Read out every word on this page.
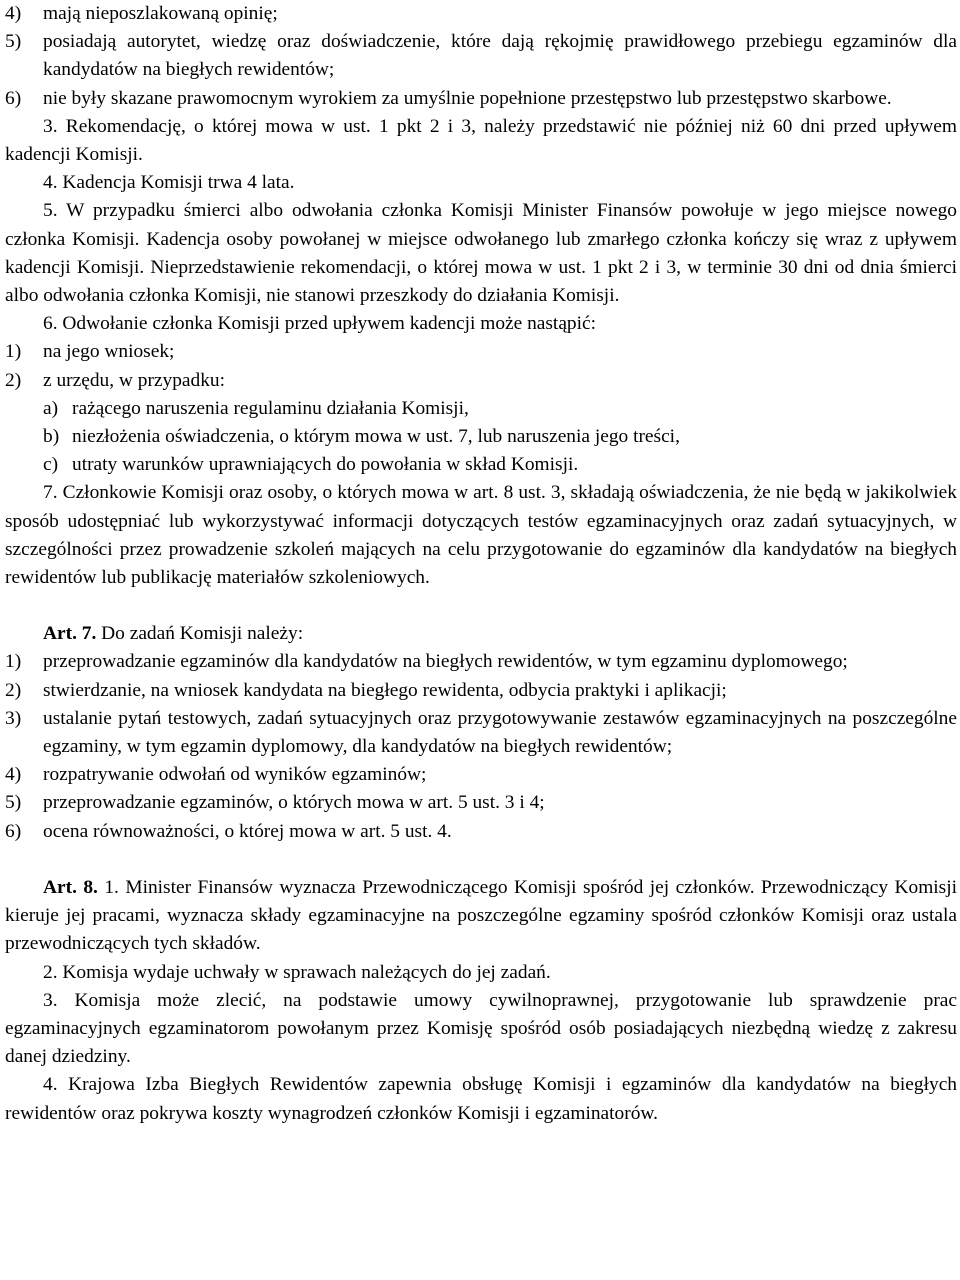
4)	mają nieposzlakowaną opinię;
5)	posiadają autorytet, wiedzę oraz doświadczenie, które dają rękojmię prawidłowego przebiegu egzaminów dla kandydatów na biegłych rewidentów;
6)	nie były skazane prawomocnym wyrokiem za umyślnie popełnione przestępstwo lub przestępstwo skarbowe.

3. Rekomendację, o której mowa w ust. 1 pkt 2 i 3, należy przedstawić nie później niż 60 dni przed upływem kadencji Komisji.

4. Kadencja Komisji trwa 4 lata.

5. W przypadku śmierci albo odwołania członka Komisji Minister Finansów powołuje w jego miejsce nowego członka Komisji. Kadencja osoby powołanej w miejsce odwołanego lub zmarłego członka kończy się wraz z upływem kadencji Komisji. Nieprzedstawienie rekomendacji, o której mowa w ust. 1 pkt 2 i 3, w terminie 30 dni od dnia śmierci albo odwołania członka Komisji, nie stanowi przeszkody do działania Komisji.

6. Odwołanie członka Komisji przed upływem kadencji może nastąpić:

1)	na jego wniosek;
2)	z urzędu, w przypadku:
a) rażącego naruszenia regulaminu działania Komisji,
b) niezłożenia oświadczenia, o którym mowa w ust. 7, lub naruszenia jego treści,
c) utraty warunków uprawniających do powołania w skład Komisji.

7. Członkowie Komisji oraz osoby, o których mowa w art. 8 ust. 3, składają oświadczenia, że nie będą w jakikolwiek sposób udostępniać lub wykorzystywać informacji dotyczących testów egzaminacyjnych oraz zadań sytuacyjnych, w szczególności przez prowadzenie szkoleń mających na celu przygotowanie do egzaminów dla kandydatów na biegłych rewidentów lub publikację materiałów szkoleniowych.

Art. 7. Do zadań Komisji należy:

1)	przeprowadzanie egzaminów dla kandydatów na biegłych rewidentów, w tym egzaminu dyplomowego;
2)	stwierdzanie, na wniosek kandydata na biegłego rewidenta, odbycia praktyki i aplikacji;
3)	ustalanie pytań testowych, zadań sytuacyjnych oraz przygotowywanie zestawów egzaminacyjnych na poszczególne egzaminy, w tym egzamin dyplomowy, dla kandydatów na biegłych rewidentów;
4)	rozpatrywanie odwołań od wyników egzaminów;
5)	przeprowadzanie egzaminów, o których mowa w art. 5 ust. 3 i 4;
6)	ocena równoważności, o której mowa w art. 5 ust. 4.

Art. 8. 1. Minister Finansów wyznacza Przewodniczącego Komisji spośród jej członków. Przewodniczący Komisji kieruje jej pracami, wyznacza składy egzaminacyjne na poszczególne egzaminy spośród członków Komisji oraz ustala przewodniczących tych składów.

2. Komisja wydaje uchwały w sprawach należących do jej zadań.

3. Komisja może zlecić, na podstawie umowy cywilnoprawnej, przygotowanie lub sprawdzenie prac egzaminacyjnych egzaminatorom powołanym przez Komisję spośród osób posiadających niezbędną wiedzę z zakresu danej dziedziny.

4. Krajowa Izba Biegłych Rewidentów zapewnia obsługę Komisji i egzaminów dla kandydatów na biegłych rewidentów oraz pokrywa koszty wynagrodzeń członków Komisji i egzaminatorów.
